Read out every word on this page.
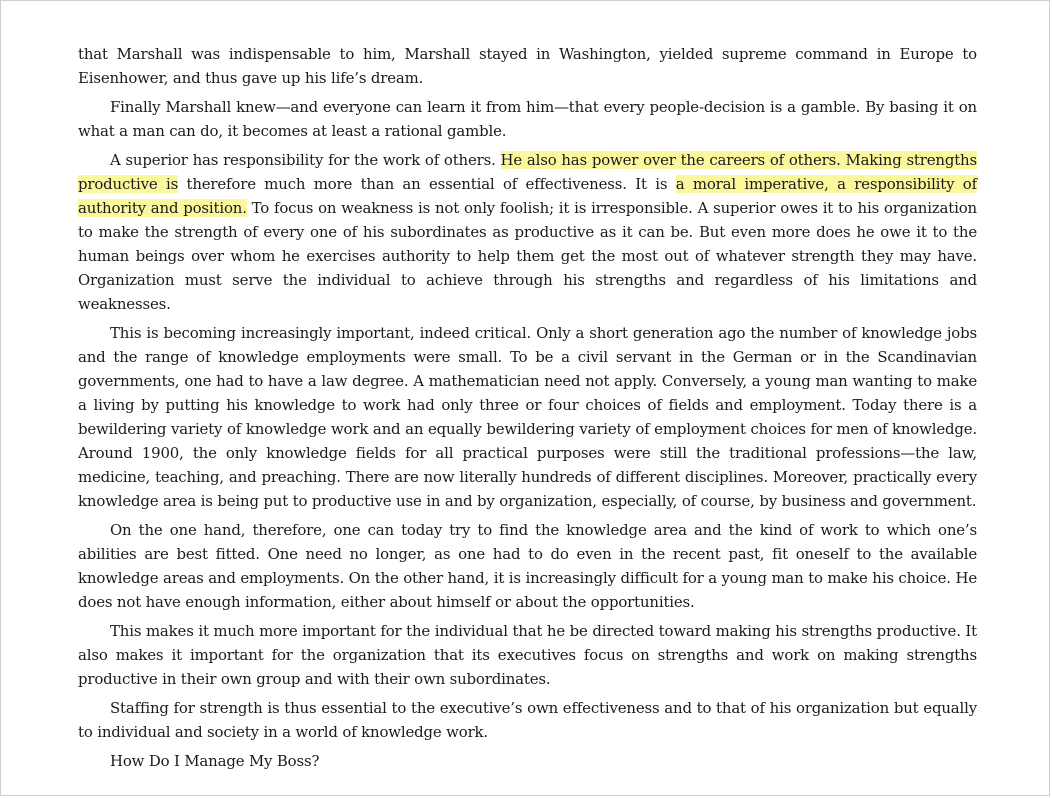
that Marshall was indispensable to him, Marshall stayed in Washington, yielded supreme command in Europe to Eisenhower, and thus gave up his life’s dream.

Finally Marshall knew—and everyone can learn it from him—that every people-decision is a gamble. By basing it on what a man can do, it becomes at least a rational gamble.

A superior has responsibility for the work of others. He also has power over the careers of others. Making strengths productive is therefore much more than an essential of effectiveness. It is a moral imperative, a responsibility of authority and position. To focus on weakness is not only foolish; it is irresponsible. A superior owes it to his organization to make the strength of every one of his subordinates as productive as it can be. But even more does he owe it to the human beings over whom he exercises authority to help them get the most out of whatever strength they may have. Organization must serve the individual to achieve through his strengths and regardless of his limitations and weaknesses.

This is becoming increasingly important, indeed critical. Only a short generation ago the number of knowledge jobs and the range of knowledge employments were small. To be a civil servant in the German or in the Scandinavian governments, one had to have a law degree. A mathematician need not apply. Conversely, a young man wanting to make a living by putting his knowledge to work had only three or four choices of fields and employment. Today there is a bewildering variety of knowledge work and an equally bewildering variety of employment choices for men of knowledge. Around 1900, the only knowledge fields for all practical purposes were still the traditional professions—the law, medicine, teaching, and preaching. There are now literally hundreds of different disciplines. Moreover, practically every knowledge area is being put to productive use in and by organization, especially, of course, by business and government.

On the one hand, therefore, one can today try to find the knowledge area and the kind of work to which one’s abilities are best fitted. One need no longer, as one had to do even in the recent past, fit oneself to the available knowledge areas and employments. On the other hand, it is increasingly difficult for a young man to make his choice. He does not have enough information, either about himself or about the opportunities.

This makes it much more important for the individual that he be directed toward making his strengths productive. It also makes it important for the organization that its executives focus on strengths and work on making strengths productive in their own group and with their own subordinates.

Staffing for strength is thus essential to the executive’s own effectiveness and to that of his organization but equally to individual and society in a world of knowledge work.

How Do I Manage My Boss?
